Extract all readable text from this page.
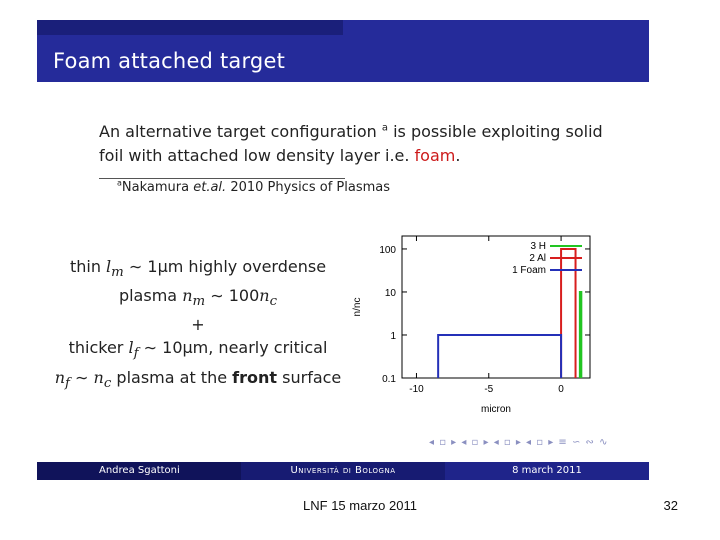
Foam attached target
An alternative target configuration $^a$ is possible exploiting solid foil with attached low density layer i.e. foam.
$^a$Nakamura et.al. 2010 Physics of Plasmas
thin $l_m$ ∼ 1μm highly overdense
plasma $n_m$ ∼ $100n_c$
+
thicker $l_f$ ∼ 10μm, nearly critical
$n_f$ ∼ $n_c$ plasma at the front surface	0.1
1
10
100
-10	-5	0
micron
n/nc
3 H
2 Al
1 Foam
◂ ▫ ▸ ◂ ▫ ▸ ◂ ▫ ▸ ◂ ▫ ▸ ≡ ∽ ∾ ∿
Andrea Sgattoni	Università di Bologna	8 march 2011
LNF 15 marzo 2011	32
